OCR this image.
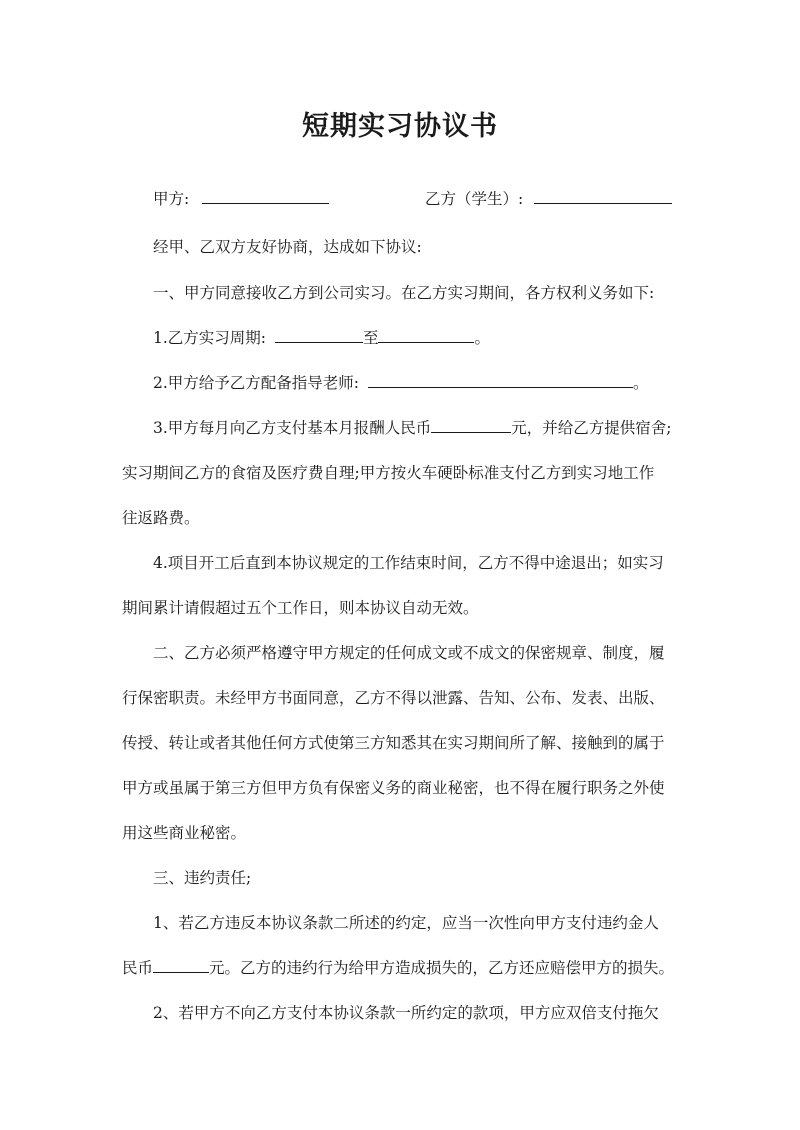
短期实习协议书
甲方:	乙方（学生）:
经甲、乙双方友好协商，达成如下协议:
一、甲方同意接收乙方到公司实习。在乙方实习期间，各方权利义务如下:
1.乙方实习周期:	至	。
2.甲方给予乙方配备指导老师:	。
3.甲方每月向乙方支付基本月报酬人民币	元，并给乙方提供宿舍;
实习期间乙方的食宿及医疗费自理;甲方按火车硬卧标准支付乙方到实习地工作
往返路费。
4.项目开工后直到本协议规定的工作结束时间，乙方不得中途退出；如实习
期间累计请假超过五个工作日，则本协议自动无效。
二、乙方必须严格遵守甲方规定的任何成文或不成文的保密规章、制度，履
行保密职责。未经甲方书面同意，乙方不得以泄露、告知、公布、发表、出版、
传授、转让或者其他任何方式使第三方知悉其在实习期间所了解、接触到的属于
甲方或虽属于第三方但甲方负有保密义务的商业秘密，也不得在履行职务之外使
用这些商业秘密。
三、违约责任;
1、若乙方违反本协议条款二所述的约定，应当一次性向甲方支付违约金人
民币	元。乙方的违约行为给甲方造成损失的，乙方还应赔偿甲方的损失。
2、若甲方不向乙方支付本协议条款一所约定的款项，甲方应双倍支付拖欠
